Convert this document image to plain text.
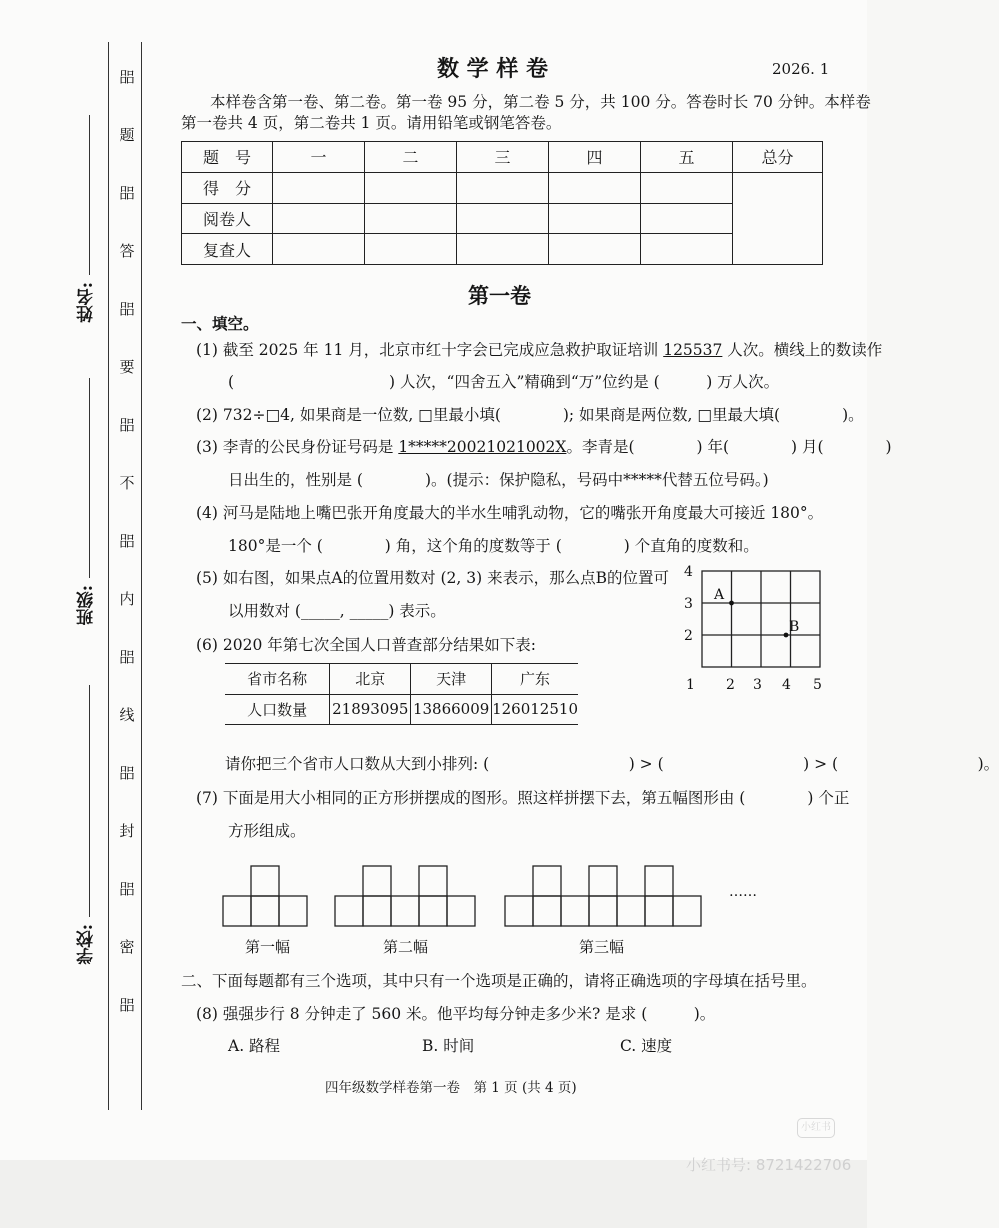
㗊
题
㗊
答
㗊
要
㗊
不
㗊
内
㗊
线
㗊
封
㗊
密
㗊
姓名:
班级:
学校:
数 学 样 卷	2026. 1
本样卷含第一卷、第二卷。第一卷 95 分，第二卷 5 分，共 100 分。答卷时长 70 分钟。本样卷
第一卷共 4 页，第二卷共 1 页。请用铅笔或钢笔答卷。
题　号	一	二	三	四	五	总分
得　分						
阅卷人						
复查人						
第一卷
一、填空。
(1) 截至 2025 年 11 月，北京市红十字会已完成应急救护取证培训 125537 人次。横线上的数读作
(　　　　　　　　　　) 人次，“四舍五入”精确到“万”位约是 (　　　) 万人次。
(2) 732÷□4, 如果商是一位数, □里最小填(　　　　); 如果商是两位数, □里最大填(　　　　)。
(3) 李青的公民身份证号码是 1*****20021021002X。李青是(　　　　) 年(　　　　) 月(　　　　)
日出生的，性别是 (　　　　)。(提示：保护隐私，号码中*****代替五位号码。)
(4) 河马是陆地上嘴巴张开角度最大的半水生哺乳动物，它的嘴张开角度最大可接近 180°。
180°是一个 (　　　　) 角，这个角的度数等于 (　　　　) 个直角的度数和。
(5) 如右图，如果点A的位置用数对 (2, 3) 来表示，那么点B的位置可
以用数对 (_____, _____) 表示。
4
3
2
1 2 3 4 5
A
B
(6) 2020 年第七次全国人口普查部分结果如下表:
省市名称	北京	天津	广东
人口数量	21893095	13866009	126012510
请你把三个省市人口数从大到小排列: (　　　　　　　　　) > (　　　　　　　　　) > (　　　　　　　　　)。
(7) 下面是用大小相同的正方形拼摆成的图形。照这样拼摆下去，第五幅图形由 (　　　　) 个正
方形组成。
……
第一幅	第二幅	第三幅
二、下面每题都有三个选项，其中只有一个选项是正确的，请将正确选项的字母填在括号里。
(8) 强强步行 8 分钟走了 560 米。他平均每分钟走多少米? 是求 (　　　)。
A. 路程	B. 时间	C. 速度
四年级数学样卷第一卷　第 1 页 (共 4 页)
小红书
小红书号: 8721422706
